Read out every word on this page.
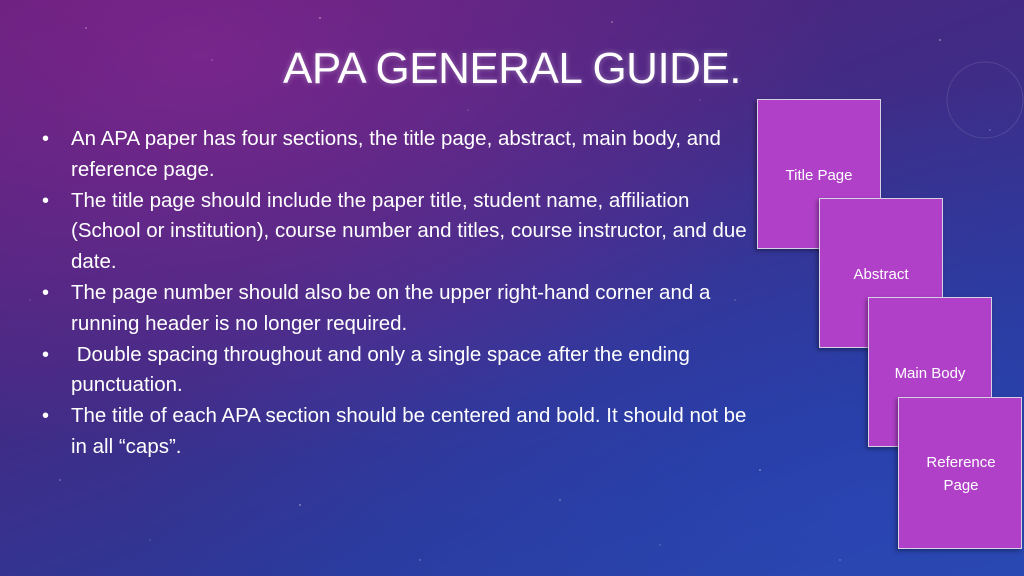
APA GENERAL GUIDE.
• An APA paper has four sections, the title page, abstract, main body, and reference page.
• The title page should include the paper title, student name, affiliation (School or institution), course number and titles, course instructor, and due date.
• The page number should also be on the upper right-hand corner and a running header is no longer required.
•  Double spacing throughout and only a single space after the ending punctuation.
• The title of each APA section should be centered and bold. It should not be in all “caps”.
Title Page
Abstract
Main Body
Reference
Page
